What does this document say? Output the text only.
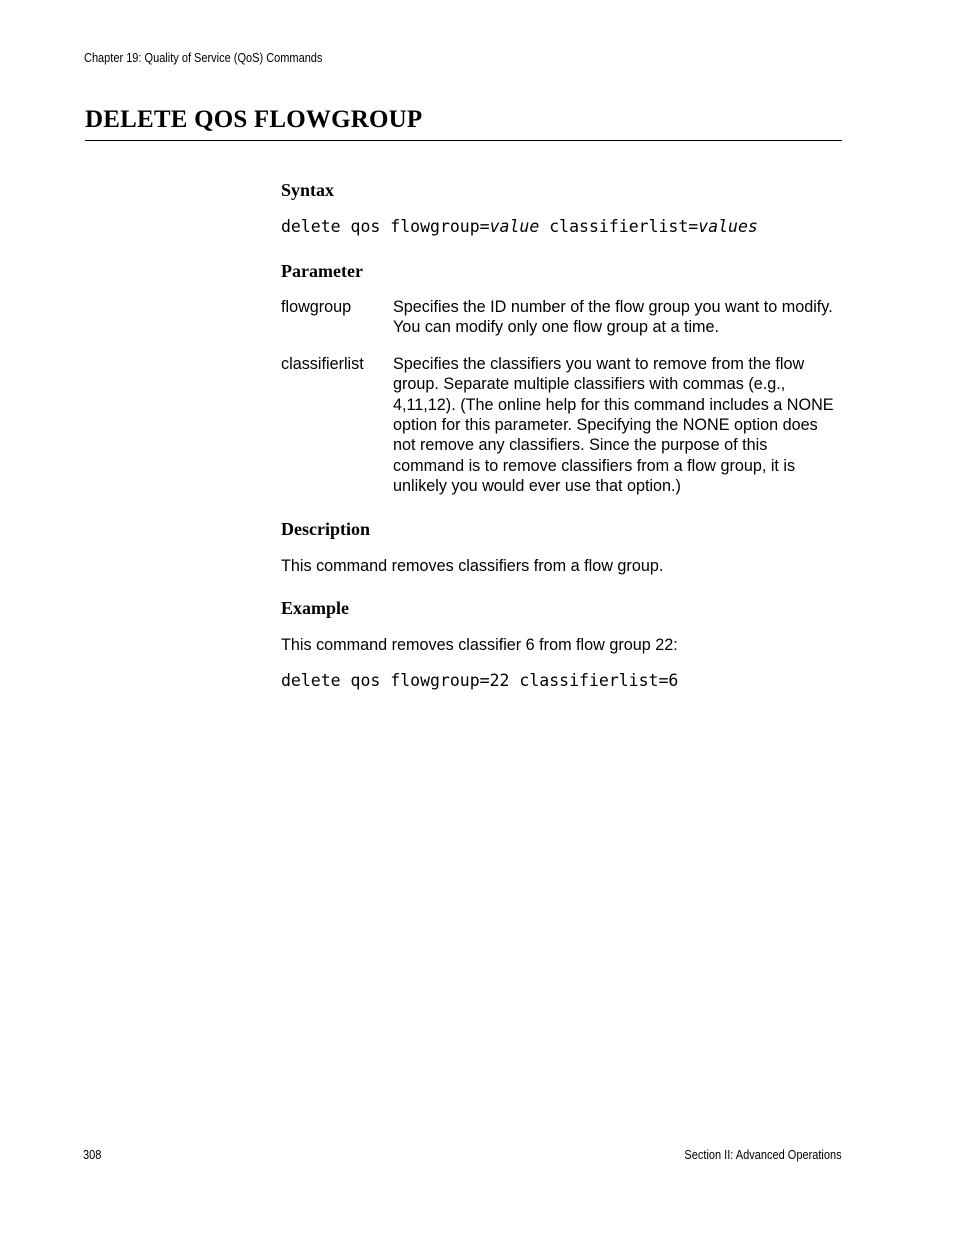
Chapter 19: Quality of Service (QoS) Commands
DELETE QOS FLOWGROUP
Syntax
delete qos flowgroup=value classifierlist=values
Parameter
flowgroup	Specifies the ID number of the flow group you want to modify. You can modify only one flow group at a time.
classifierlist	Specifies the classifiers you want to remove from the flow group. Separate multiple classifiers with commas (e.g., 4,11,12). (The online help for this command includes a NONE option for this parameter. Specifying the NONE option does not remove any classifiers. Since the purpose of this command is to remove classifiers from a flow group, it is unlikely you would ever use that option.)
Description

This command removes classifiers from a flow group.

Example

This command removes classifier 6 from flow group 22:

delete qos flowgroup=22 classifierlist=6
308	Section II: Advanced Operations
